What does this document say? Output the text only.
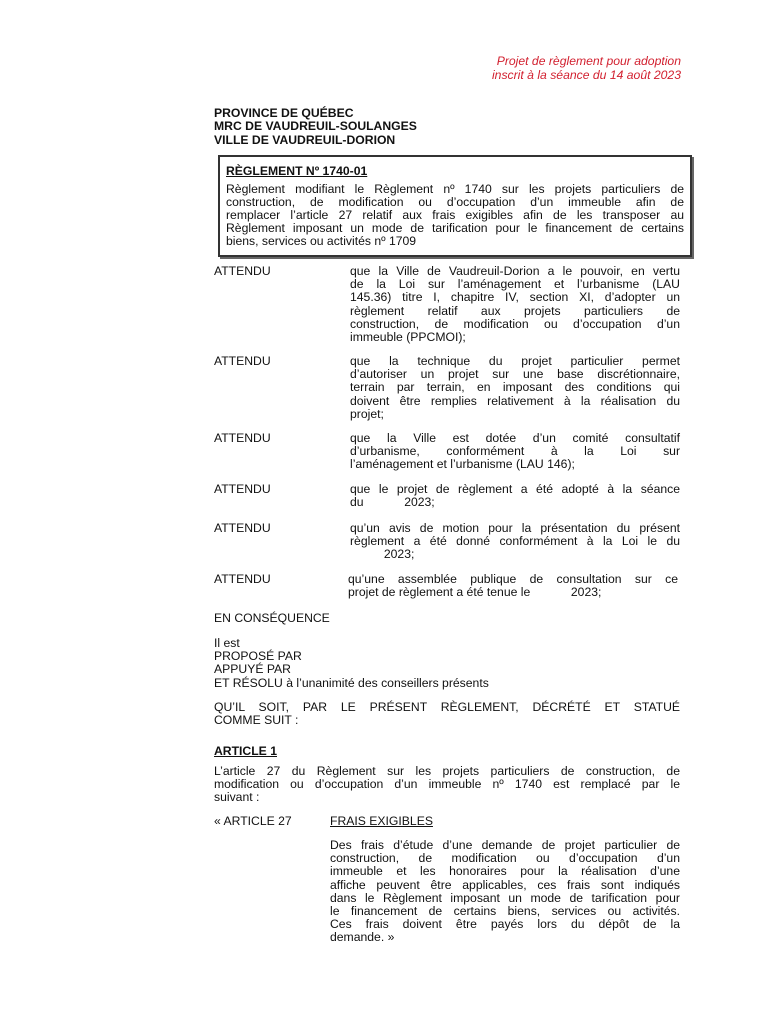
Projet de règlement pour adoption
inscrit à la séance du 14 août 2023
PROVINCE DE QUÉBEC
MRC DE VAUDREUIL-SOULANGES
VILLE DE VAUDREUIL-DORION
RÈGLEMENT Nº 1740-01
Règlement modifiant le Règlement nº 1740 sur les projets particuliers de
construction, de modification ou d’occupation d’un immeuble afin de
remplacer l’article 27 relatif aux frais exigibles afin de les transposer au
Règlement imposant un mode de tarification pour le financement de certains
biens, services ou activités nº 1709
ATTENDU	que la Ville de Vaudreuil-Dorion a le pouvoir, en vertu
de la Loi sur l’aménagement et l’urbanisme (LAU
145.36) titre I, chapitre IV, section XI, d’adopter un
règlement relatif aux projets particuliers de
construction, de modification ou d’occupation d’un
immeuble (PPCMOI);
ATTENDU	que la technique du projet particulier permet
d’autoriser un projet sur une base discrétionnaire,
terrain par terrain, en imposant des conditions qui
doivent être remplies relativement à la réalisation du
projet;
ATTENDU	que la Ville est dotée d’un comité consultatif
d’urbanisme, conformément à la Loi sur
l’aménagement et l’urbanisme (LAU 146);
ATTENDU	que le projet de règlement a été adopté à la séance
du            2023;
ATTENDU	qu’un avis de motion pour la présentation du présent
règlement a été donné conformément à la Loi le du
2023;
ATTENDU	qu’une assemblée publique de consultation sur ce
projet de règlement a été tenue le            2023;
EN CONSÉQUENCE
Il est
PROPOSÉ PAR
APPUYÉ PAR
ET RÉSOLU à l’unanimité des conseillers présents
QU’IL SOIT, PAR LE PRÉSENT RÈGLEMENT, DÉCRÉTÉ ET STATUÉ
COMME SUIT :
ARTICLE 1
L’article 27 du Règlement sur les projets particuliers de construction, de
modification ou d’occupation d’un immeuble nº 1740 est remplacé par le
suivant :
« ARTICLE 27	FRAIS EXIGIBLES
Des frais d’étude d’une demande de projet particulier de
construction, de modification ou d’occupation d’un
immeuble et les honoraires pour la réalisation d’une
affiche peuvent être applicables, ces frais sont indiqués
dans le Règlement imposant un mode de tarification pour
le financement de certains biens, services ou activités.
Ces frais doivent être payés lors du dépôt de la
demande. »
